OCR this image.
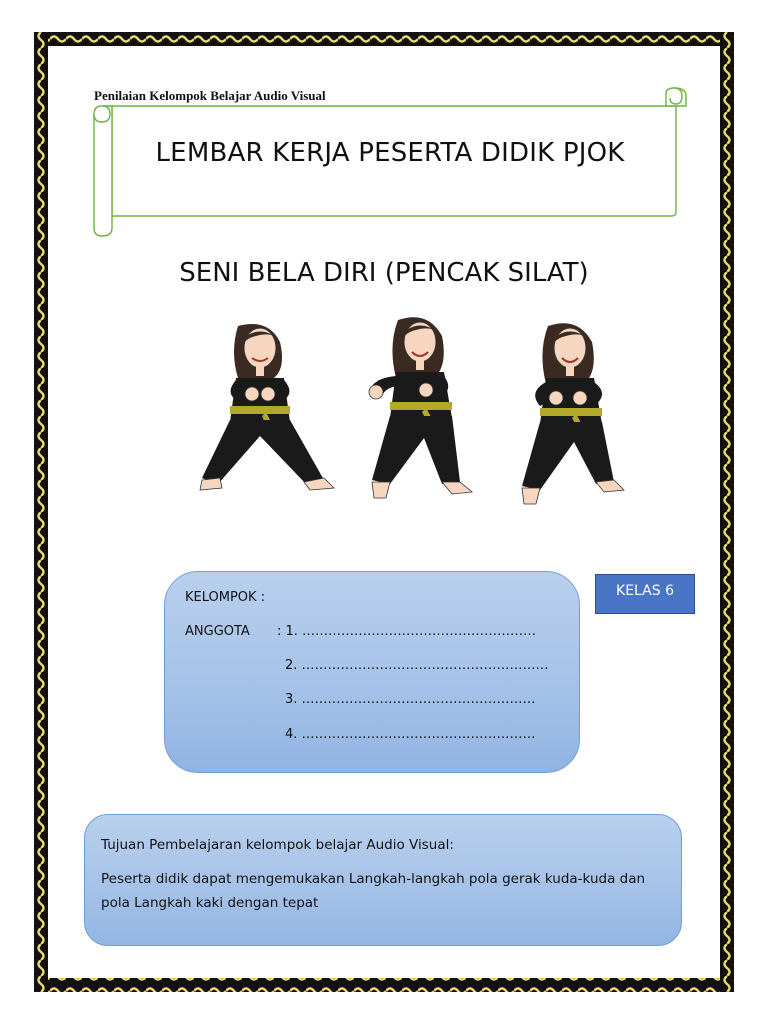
LEMBAR KERJA PESERTA DIDIK PJOK
Penilaian Kelompok Belajar Audio Visual
SENI BELA DIRI (PENCAK SILAT)
KELOMPOK :
ANGGOTA : 1. ………………………………………………
2. …………………………………………………
3. ………………………………………………
4. ………………………………………………
KELAS 6
Tujuan Pembelajaran kelompok belajar Audio Visual:
Peserta didik dapat mengemukakan Langkah-langkah pola gerak kuda-kuda dan
pola Langkah kaki dengan tepat
